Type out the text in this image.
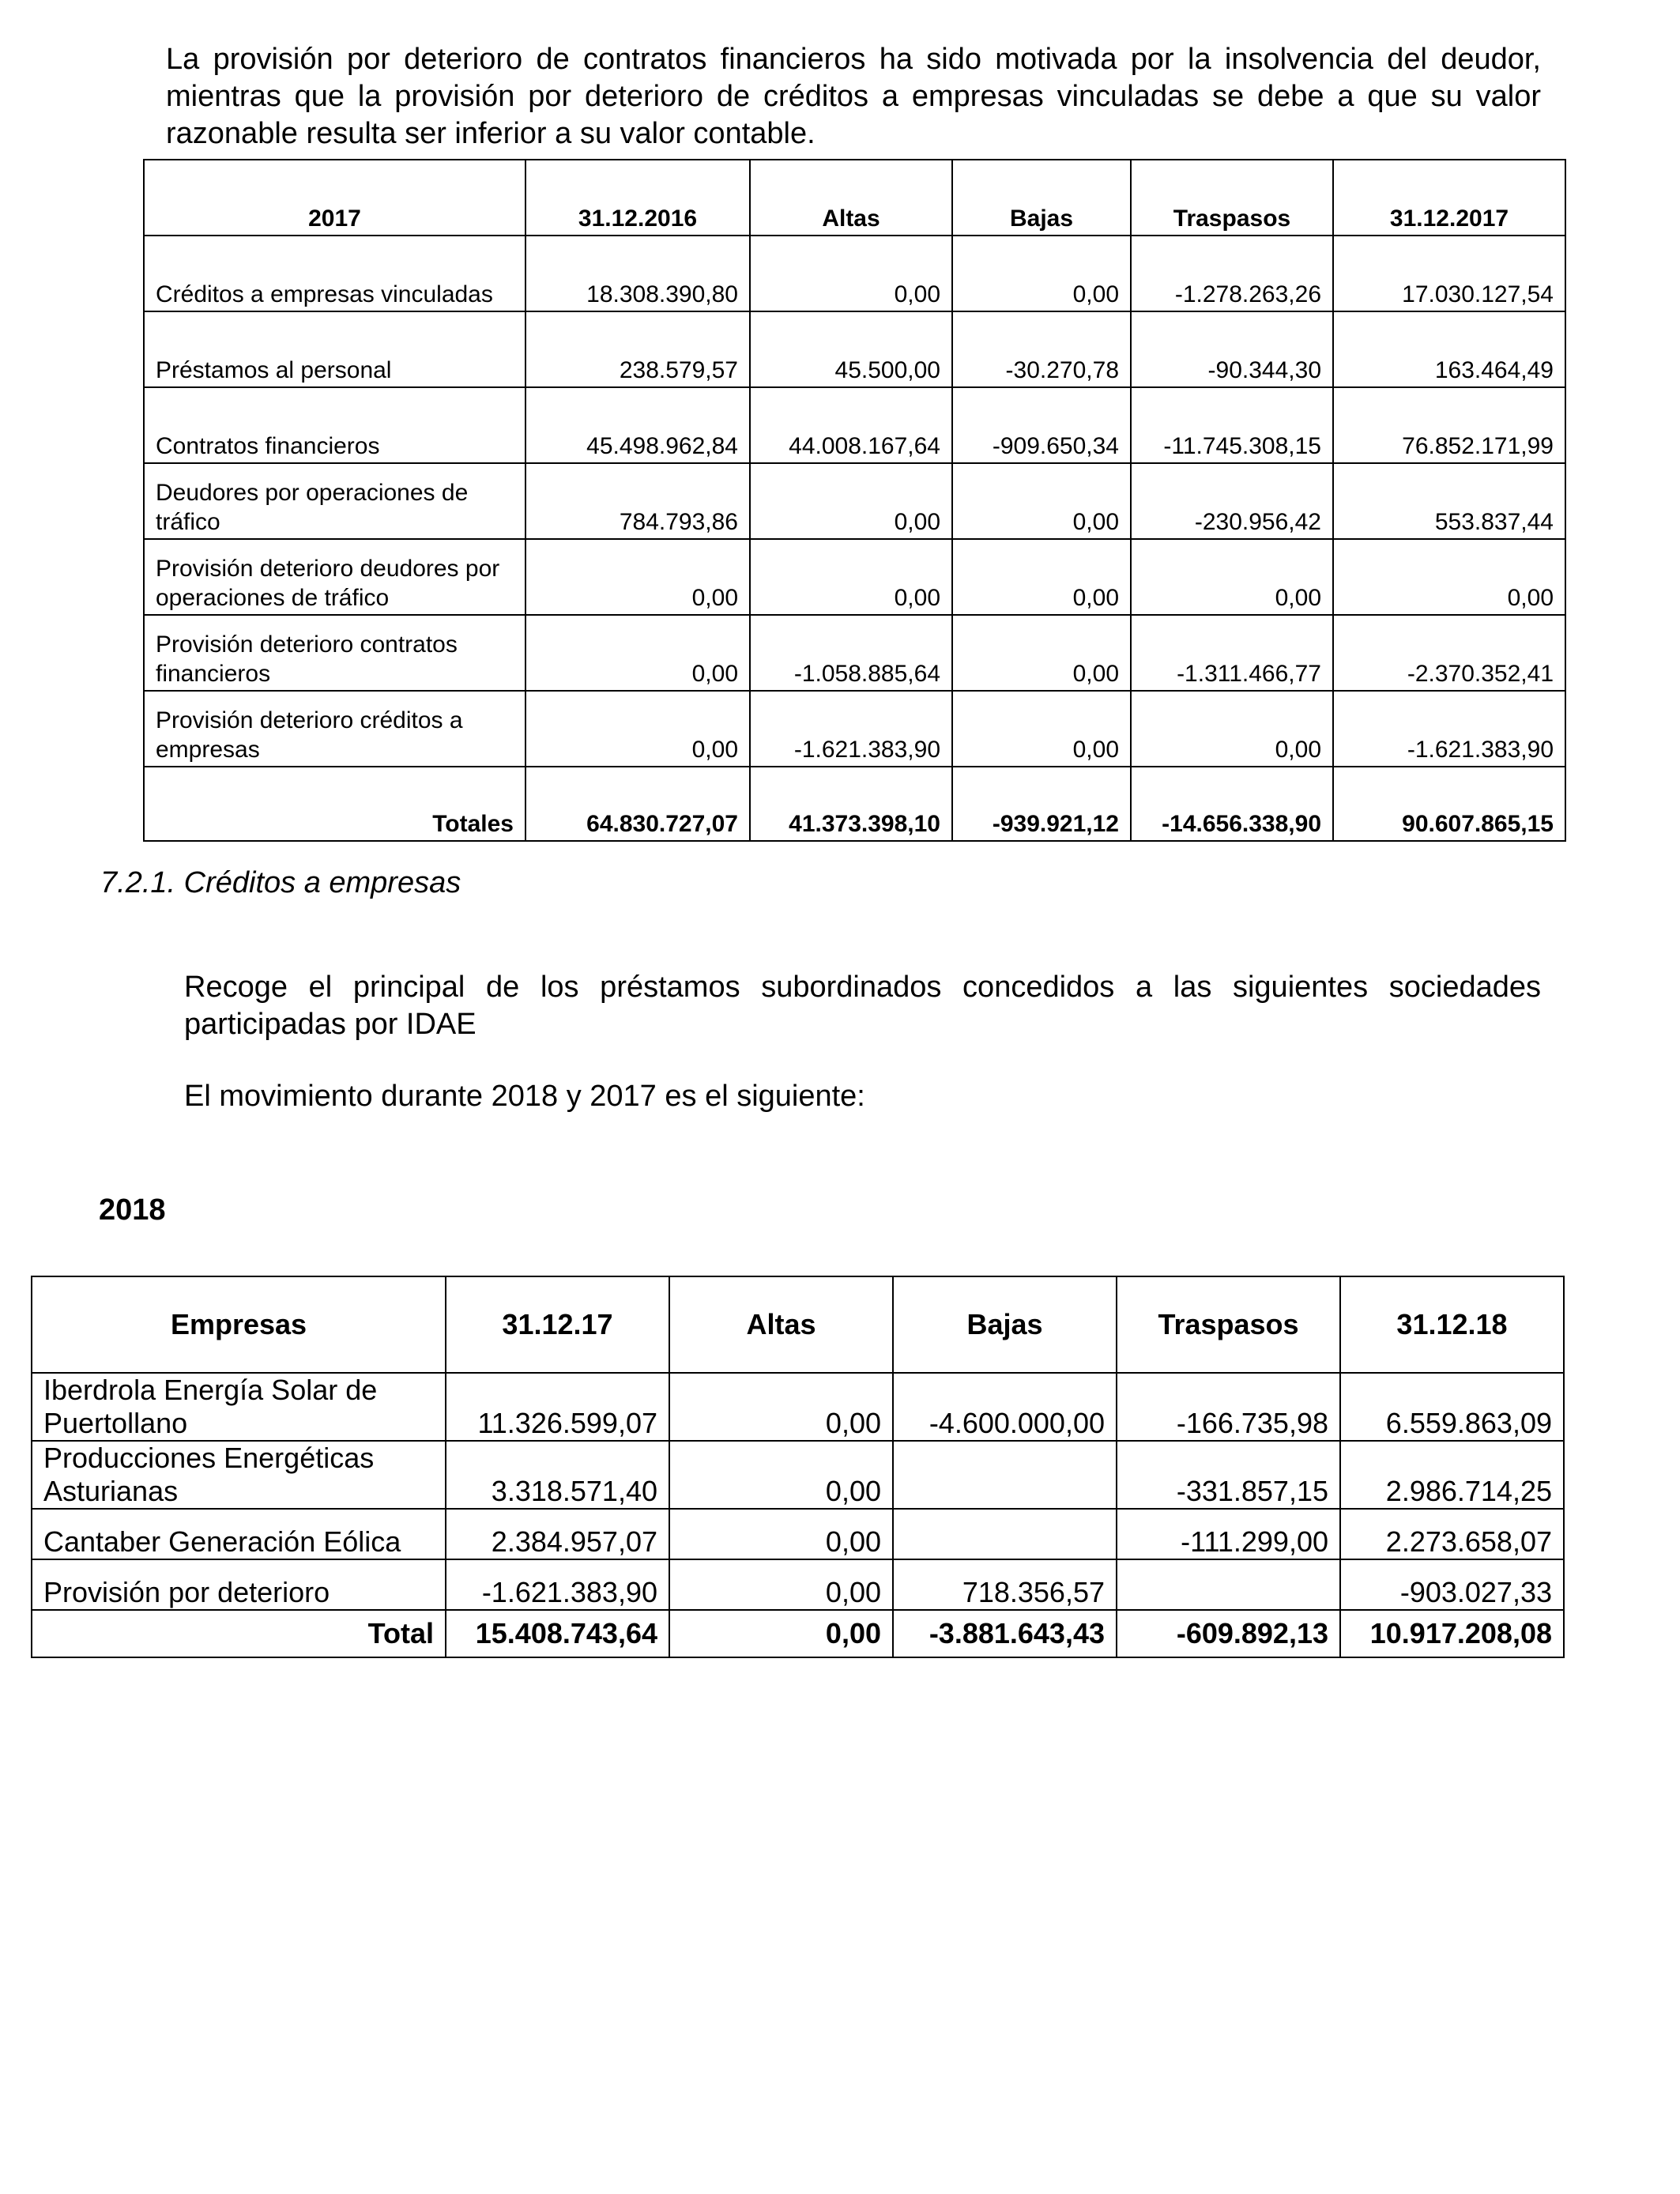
La provisión por deterioro de contratos financieros ha sido motivada por la insolvencia del deudor, mientras que la provisión por deterioro de créditos a empresas vinculadas se debe a que su valor razonable resulta ser inferior a su valor contable.

2017	31.12.2016	Altas	Bajas	Traspasos	31.12.2017
Créditos a empresas vinculadas	18.308.390,80	0,00	0,00	-1.278.263,26	17.030.127,54
Préstamos al personal	238.579,57	45.500,00	-30.270,78	-90.344,30	163.464,49
Contratos financieros	45.498.962,84	44.008.167,64	-909.650,34	-11.745.308,15	76.852.171,99
Deudores por operaciones de tráfico	784.793,86	0,00	0,00	-230.956,42	553.837,44
Provisión deterioro deudores por operaciones de tráfico	0,00	0,00	0,00	0,00	0,00
Provisión deterioro contratos financieros	0,00	-1.058.885,64	0,00	-1.311.466,77	-2.370.352,41
Provisión deterioro créditos a empresas	0,00	-1.621.383,90	0,00	0,00	-1.621.383,90
Totales	64.830.727,07	41.373.398,10	-939.921,12	-14.656.338,90	90.607.865,15
7.2.1. Créditos a empresas

Recoge el principal de los préstamos subordinados concedidos a las siguientes sociedades participadas por IDAE

El movimiento durante 2018 y 2017 es el siguiente:

2018
Empresas	31.12.17	Altas	Bajas	Traspasos	31.12.18
Iberdrola Energía Solar de Puertollano	11.326.599,07	0,00	-4.600.000,00	-166.735,98	6.559.863,09
Producciones Energéticas Asturianas	3.318.571,40	0,00		-331.857,15	2.986.714,25
Cantaber Generación Eólica	2.384.957,07	0,00		-111.299,00	2.273.658,07
Provisión por deterioro	-1.621.383,90	0,00	718.356,57		-903.027,33
Total	15.408.743,64	0,00	-3.881.643,43	-609.892,13	10.917.208,08
